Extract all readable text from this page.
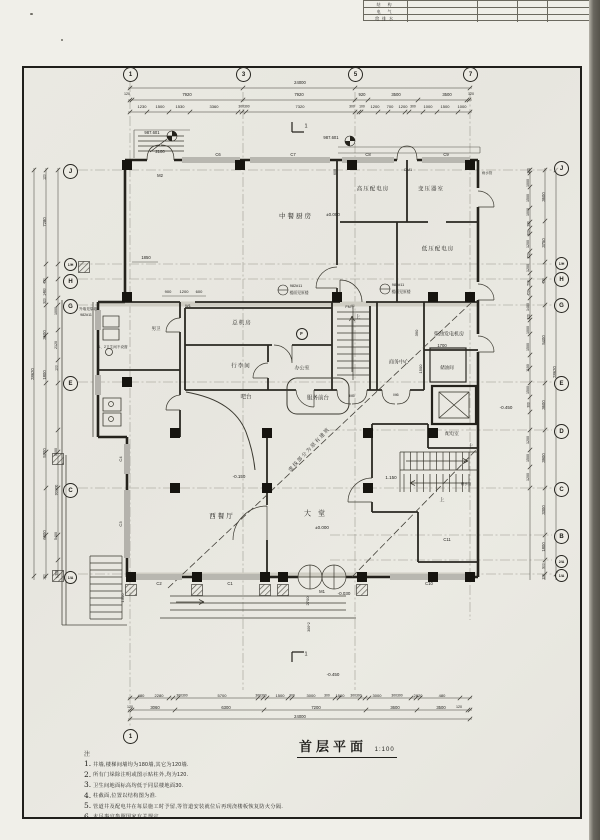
结 构
电 气
给排水
中餐厨房	±0.000
高压配电房	变压器室
低压配电房
柴油发电机房
储油间
配电室
总机房
行李间	办公室
吧台	服务前台
商务中心
男卫
西餐厅	大堂
±0.000
上
上
上
-0.150
-0.030
-0.450
-0.450
1.150
987.601
987.601
1850
900 1200 600
2100
1700
1500
390
600
2700
300*2
1300
M2
C6	C7	C8
CM1
C9
W1	FM甲
M5	M6
C4
C3
C2	C1
M1
C10
C11
雨水管
雨水管
虚线部分为原有建筑
982#11
楼面见原楼
982#11
楼面见原楼
外墙见原墙
982#11
1、2卫生间不设窗
1
1
24000
120	7920	7920	920	3500	3500	120
1230 1500	1530	3360	300300	7320	300 100 1200 700 1200 300 1000 1500 1000
480	2280	300300	5700	300300 1500 300	3000	300 1500 300300	3000	300300	2820	480
120	3060	6300	7200	3600	3500	120
24000
28620
120
7280
450
1480
320
3600
1800
5700
6000
120
1000
2120
100
5100
300300
5400
300
28620
3600
3750
450
5400
3600
3900
3300
1800
900
120
100
1000
1500
1000
300
300
1200
350
1200
500
450
1480
320
1000
1500
1100
1500
300
1200
1500
1200
1	3	5	7
1
J
1/H
H
G
E
C
1/A
J
1/H
H
G
E
D
C
B
2/A
1/A
F
首层平面 1:100
注
1. 井墙,楼梯间墙均为180墙,其它为120墙.
2. 所有门垛除注明或图示贴柱外,均为120.
3. 卫生间地面标高均低于同层楼地面30.
4. 柱截面,位置以结构图为准.
5. 管道井及配电井在每层施工时予留,等管道安装就位后再现浇楼板恢复防火分隔.
6. 未尽事宜参照国家有关规定.
